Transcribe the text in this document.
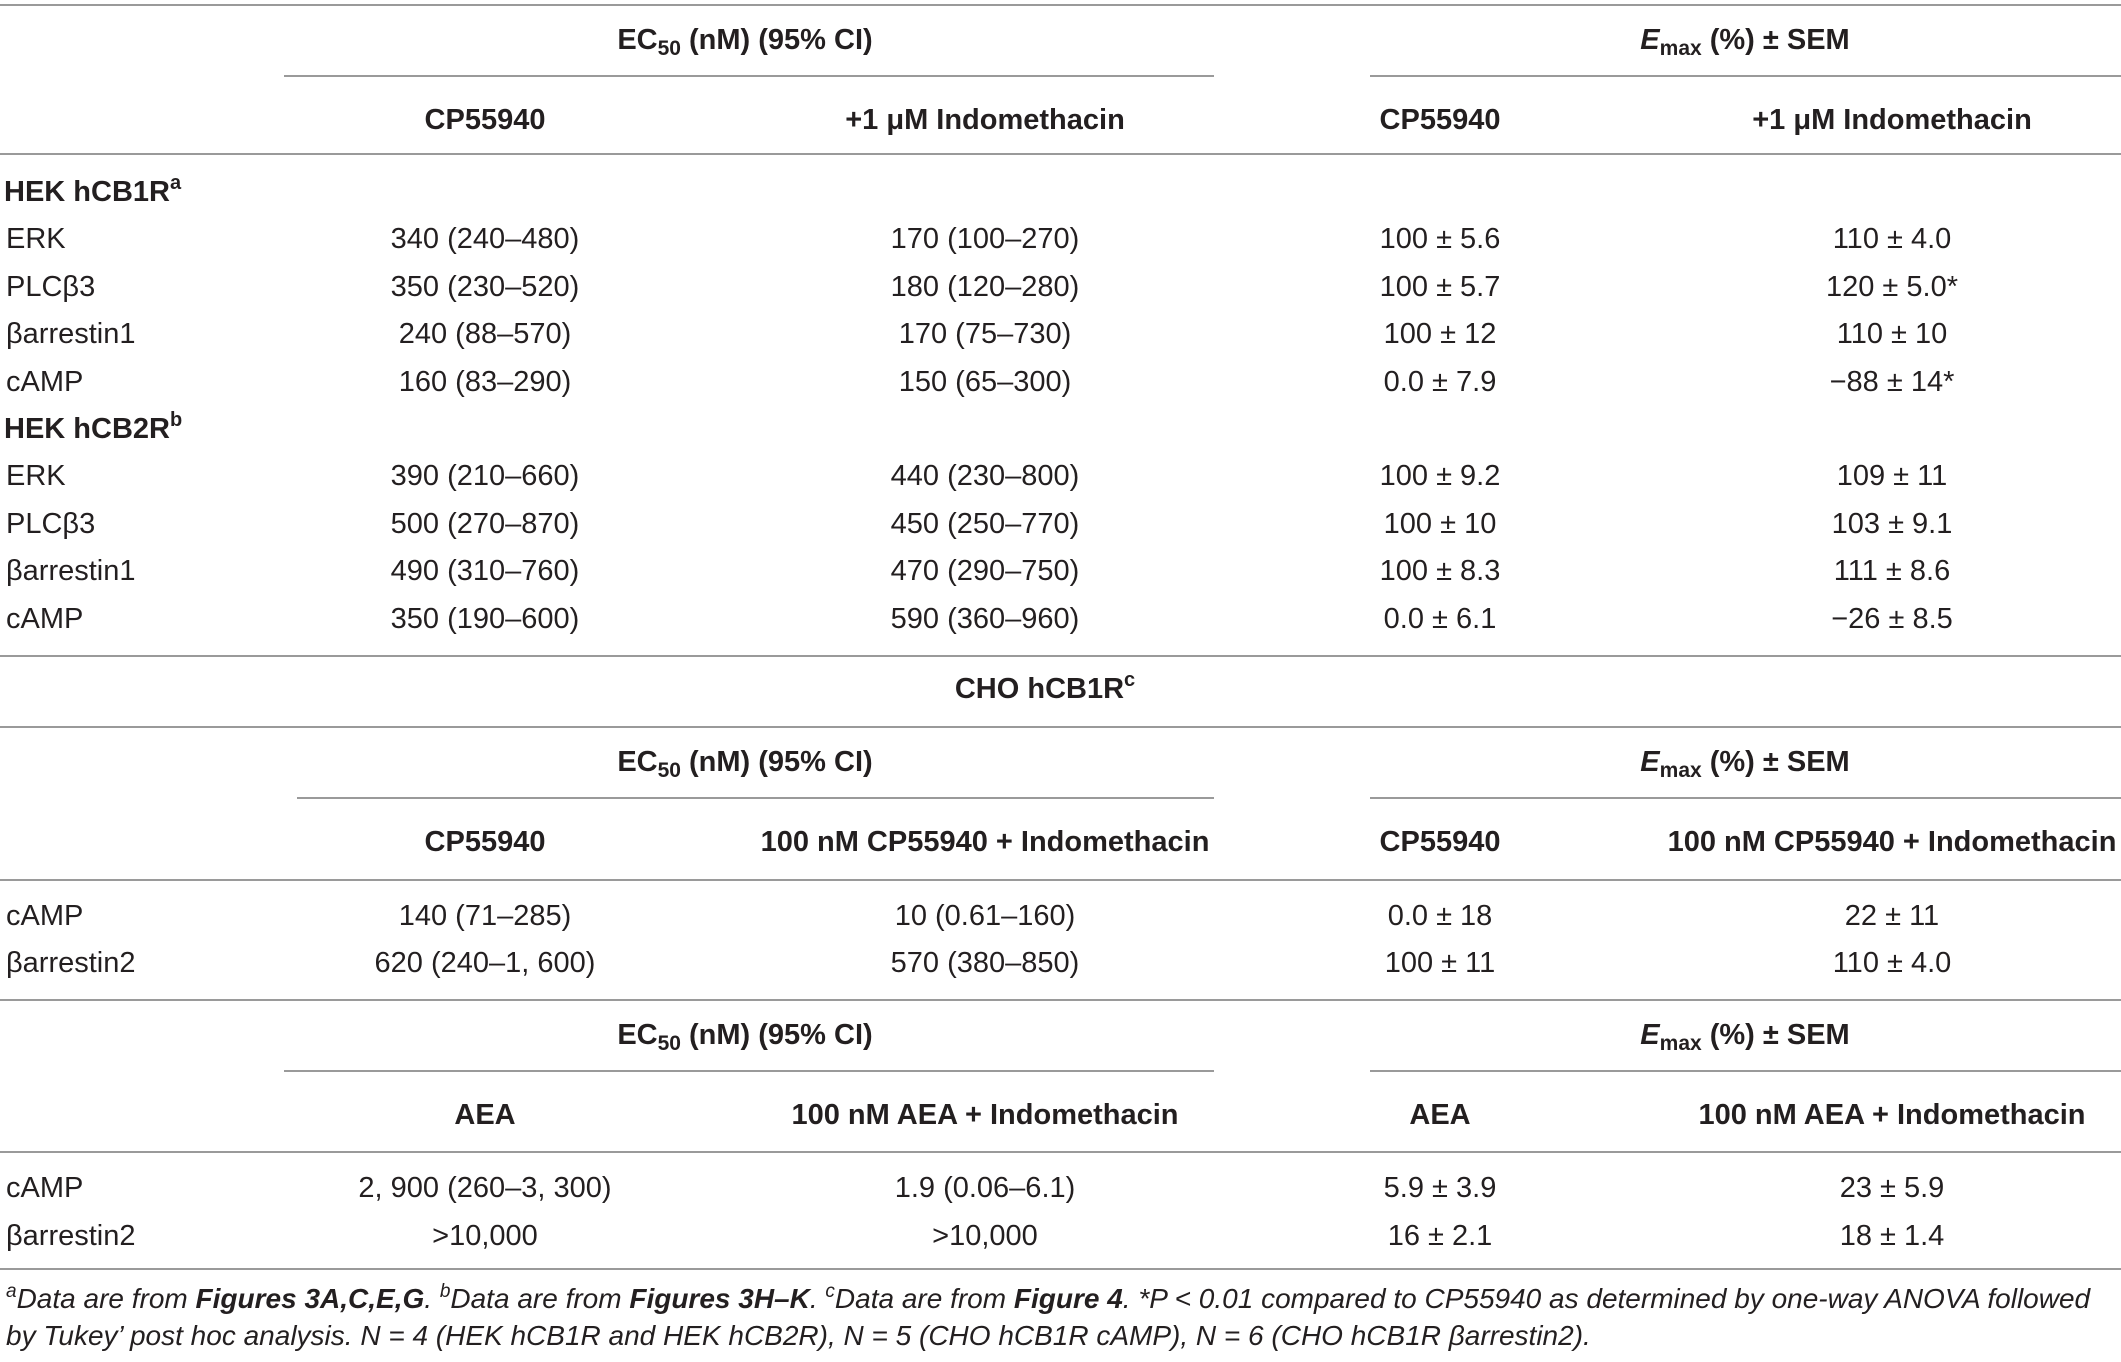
$EC_{50}$ (nM) (95% CI)	$E_{max}$ (%) ± SEM
CP55940	+1 μM Indomethacin	CP55940	+1 μM Indomethacin
HEK $hCB1R^a$
ERK	340 (240–480)	170 (100–270)	100 ± 5.6	110 ± 4.0
PLCβ3	350 (230–520)	180 (120–280)	100 ± 5.7	120 ± 5.0*
βarrestin1	240 (88–570)	170 (75–730)	100 ± 12	110 ± 10
cAMP	160 (83–290)	150 (65–300)	0.0 ± 7.9	−88 ± 14*
HEK $hCB2R^b$
ERK	390 (210–660)	440 (230–800)	100 ± 9.2	109 ± 11
PLCβ3	500 (270–870)	450 (250–770)	100 ± 10	103 ± 9.1
βarrestin1	490 (310–760)	470 (290–750)	100 ± 8.3	111 ± 8.6
cAMP	350 (190–600)	590 (360–960)	0.0 ± 6.1	−26 ± 8.5
CHO $hCB1R^c$
$EC_{50}$ (nM) (95% CI)	$E_{max}$ (%) ± SEM
CP55940	100 nM CP55940 + Indomethacin	CP55940	100 nM CP55940 + Indomethacin
cAMP	140 (71–285)	10 (0.61–160)	0.0 ± 18	22 ± 11
βarrestin2	620 (240–1, 600)	570 (380–850)	100 ± 11	110 ± 4.0
$EC_{50}$ (nM) (95% CI)	$E_{max}$ (%) ± SEM
AEA	100 nM AEA + Indomethacin	AEA	100 nM AEA + Indomethacin
cAMP	2, 900 (260–3, 300)	1.9 (0.06–6.1)	5.9 ± 3.9	23 ± 5.9
βarrestin2	>10,000	>10,000	16 ± 2.1	18 ± 1.4
$^a$Data are from Figures 3A,C,E,G. $^b$Data are from Figures 3H–K. $^c$Data are from Figure 4. *P < 0.01 compared to CP55940 as determined by one-way ANOVA followed by Tukey’ post hoc analysis. N = 4 (HEK hCB1R and HEK hCB2R), N = 5 (CHO hCB1R cAMP), N = 6 (CHO hCB1R βarrestin2).
